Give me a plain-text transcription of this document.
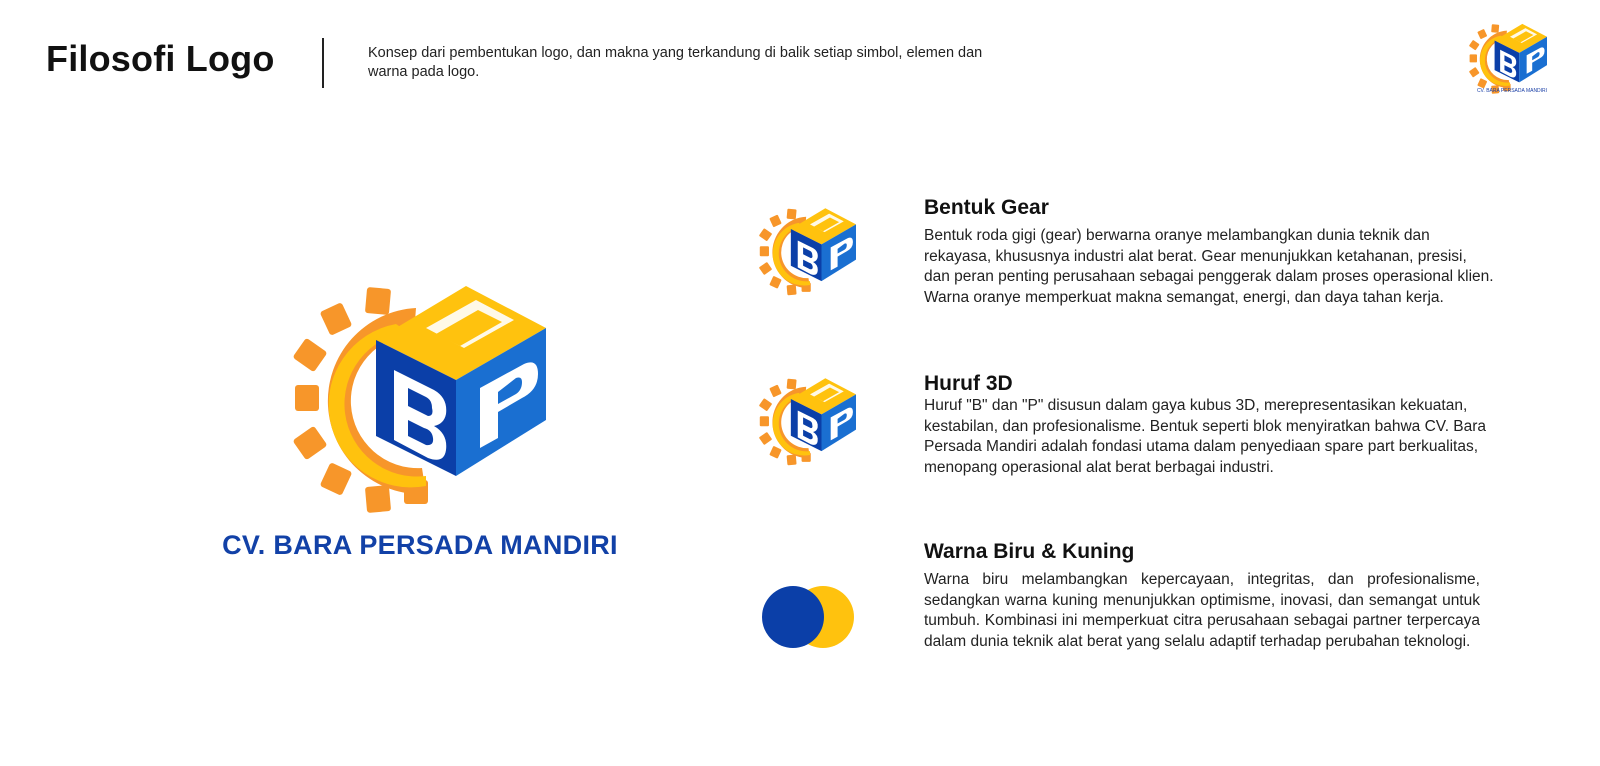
Filosofi Logo	Konsep dari pembentukan logo, dan makna yang terkandung di balik setiap simbol, elemen dan warna pada logo.
CV. BARA PERSADA MANDIRI
CV. BARA PERSADA MANDIRI
Bentuk Gear

Bentuk roda gigi (gear) berwarna oranye melambangkan dunia teknik dan rekayasa, khususnya industri alat berat. Gear menunjukkan ketahanan, presisi, dan peran penting perusahaan sebagai penggerak dalam proses operasional klien. Warna oranye memperkuat makna semangat, energi, dan daya tahan kerja.

Huruf 3D

Huruf "B" dan "P" disusun dalam gaya kubus 3D, merepresentasikan kekuatan, kestabilan, dan profesionalisme. Bentuk seperti blok menyiratkan bahwa CV. Bara Persada Mandiri adalah fondasi utama dalam penyediaan spare part berkualitas, menopang operasional alat berat berbagai industri.

Warna Biru & Kuning

Warna biru melambangkan kepercayaan, integritas, dan profesionalisme, sedangkan warna kuning menunjukkan optimisme, inovasi, dan semangat untuk tumbuh. Kombinasi ini memperkuat citra perusahaan sebagai partner terpercaya dalam dunia teknik alat berat yang selalu adaptif terhadap perubahan teknologi.
